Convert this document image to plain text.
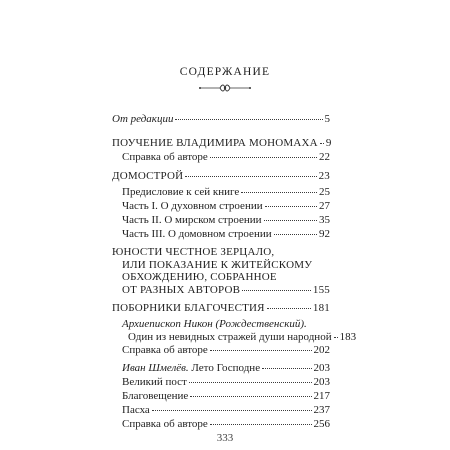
СОДЕРЖАНИЕ
От редакции	5
ПОУЧЕНИЕ ВЛАДИМИРА МОНОМАХА 9
Справка об авторе	22
ДОМОСТРОЙ	23
Предисловие к сей книге	25
Часть I. О духовном строении	27
Часть II. О мирском строении	35
Часть III. О домовном строении	92
ЮНОСТИ ЧЕСТНОЕ ЗЕРЦАЛО,
ИЛИ ПОКАЗАНИЕ К ЖИТЕЙСКОМУ
ОБХОЖДЕНИЮ, СОБРАННОЕ
ОТ РАЗНЫХ АВТОРОВ	155
ПОБОРНИКИ БЛАГОЧЕСТИЯ	181
Архиепископ Никон (Рождественский).
Один из невидных стражей души народной 183
Справка об авторе	202
Иван Шмелёв. Лето Господне	203
Великий пост	203
Благовещение	217
Пасха	237
Справка об авторе	256
333
